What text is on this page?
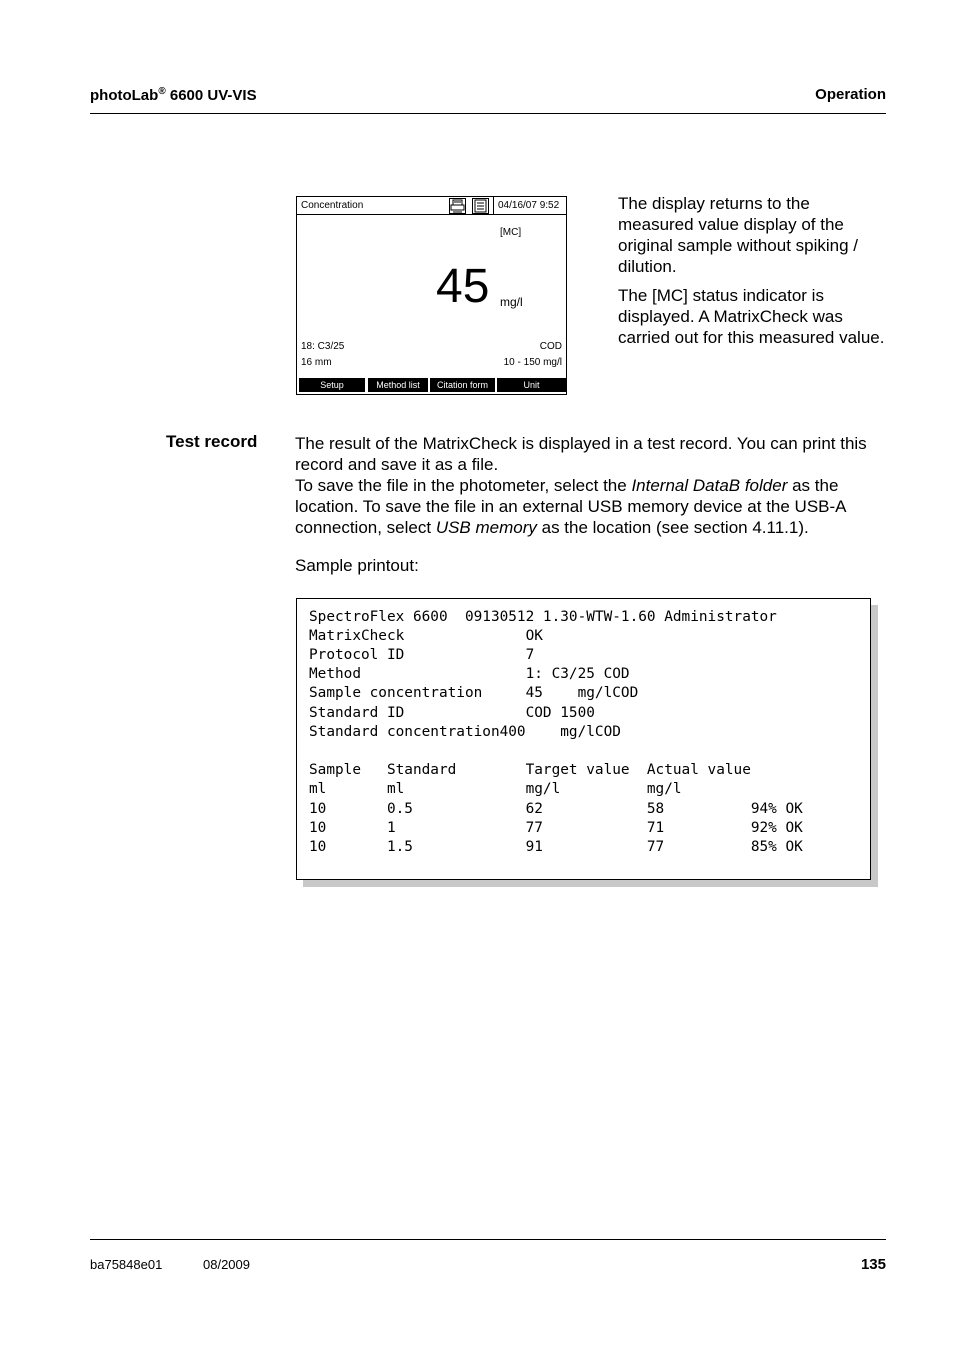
photoLab® 6600 UV-VIS	Operation
Concentration	04/16/07 9:52
[MC]
45 mg/l
18: C3/25	COD
16 mm	10 - 150 mg/l
Setup	Method list	Citation form	Unit
The display returns to the measured value display of the original sample without spiking / dilution.
The [MC] status indicator is displayed. A MatrixCheck was carried out for this measured value.
Test record The result of the MatrixCheck is displayed in a test record. You can print this record and save it as a file.
To save the file in the photometer, select the Internal DataB folder as the location. To save the file in an external USB memory device at the USB-A connection, select USB memory as the location (see section 4.11.1).
Sample printout:
SpectroFlex 6600  09130512 1.30-WTW-1.60 Administrator
MatrixCheck              OK
Protocol ID              7
Method                   1: C3/25 COD
Sample concentration     45    mg/lCOD
Standard ID              COD 1500
Standard concentration400    mg/lCOD
Sample   Standard        Target value  Actual value
ml       ml              mg/l          mg/l
10       0.5             62            58          94% OK
10       1               77            71          92% OK
10       1.5             91            77          85% OK
ba75848e01	08/2009	135
